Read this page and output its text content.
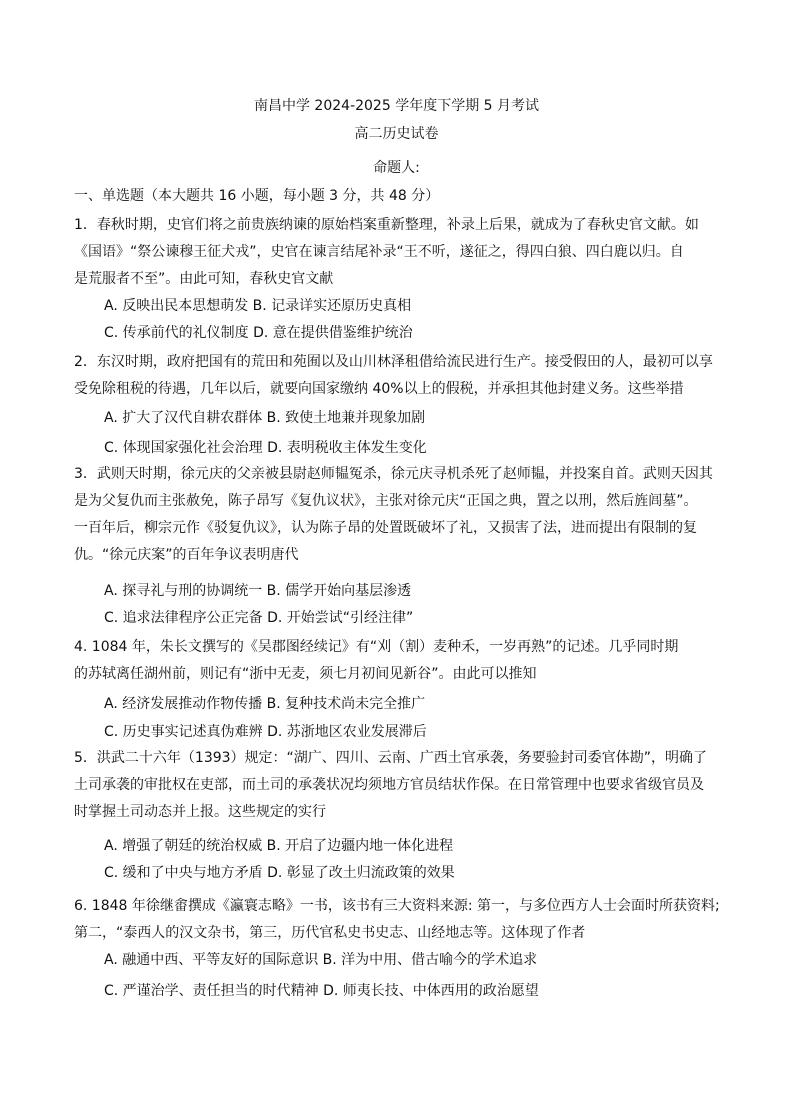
南昌中学 2024-2025 学年度下学期 5 月考试
高二历史试卷
命题人:
一、单选题（本大题共 16 小题，每小题 3 分，共 48 分）
1．春秋时期，史官们将之前贵族纳谏的原始档案重新整理，补录上后果，就成为了春秋史官文献。如
《国语》“祭公谏穆王征犬戎”，史官在谏言结尾补录“王不听，遂征之，得四白狼、四白鹿以归。自
是荒服者不至”。由此可知，春秋史官文献
A. 反映出民本思想萌发 B. 记录详实还原历史真相
C. 传承前代的礼仪制度 D. 意在提供借鉴维护统治
2．东汉时期，政府把国有的荒田和苑囿以及山川林泽租借给流民进行生产。接受假田的人，最初可以享
受免除租税的待遇，几年以后，就要向国家缴纳 40%以上的假税，并承担其他封建义务。这些举措
A. 扩大了汉代自耕农群体 B. 致使土地兼并现象加剧
C. 体现国家强化社会治理 D. 表明税收主体发生变化
3．武则天时期，徐元庆的父亲被县尉赵师韫冤杀，徐元庆寻机杀死了赵师韫，并投案自首。武则天因其
是为父复仇而主张赦免，陈子昂写《复仇议状》，主张对徐元庆“正国之典，置之以刑，然后旌闾墓”。
一百年后，柳宗元作《驳复仇议》，认为陈子昂的处置既破坏了礼，又损害了法，进而提出有限制的复
仇。“徐元庆案”的百年争议表明唐代
A. 探寻礼与刑的协调统一 B. 儒学开始向基层渗透
C. 追求法律程序公正完备 D. 开始尝试“引经注律”
4. 1084 年，朱长文撰写的《吴郡图经续记》有“刈（割）麦种禾，一岁再熟”的记述。几乎同时期
的苏轼离任湖州前，则记有“浙中无麦，须七月初间见新谷”。由此可以推知
A. 经济发展推动作物传播 B. 复种技术尚未完全推广
C. 历史事实记述真伪难辨 D. 苏浙地区农业发展滞后
5．洪武二十六年（1393）规定：“湖广、四川、云南、广西土官承袭，务要验封司委官体勘”，明确了
土司承袭的审批权在吏部，而土司的承袭状况均须地方官员结状作保。在日常管理中也要求省级官员及
时掌握土司动态并上报。这些规定的实行
A. 增强了朝廷的统治权威 B. 开启了边疆内地一体化进程
C. 缓和了中央与地方矛盾 D. 彰显了改土归流政策的效果
6. 1848 年徐继畬撰成《瀛寰志略》一书，该书有三大资料来源: 第一，与多位西方人士会面时所获资料;
第二，“泰西人的汉文杂书，第三，历代官私史书史志、山经地志等。这体现了作者
A. 融通中西、平等友好的国际意识 B. 洋为中用、借古喻今的学术追求
C. 严谨治学、责任担当的时代精神 D. 师夷长技、中体西用的政治愿望
